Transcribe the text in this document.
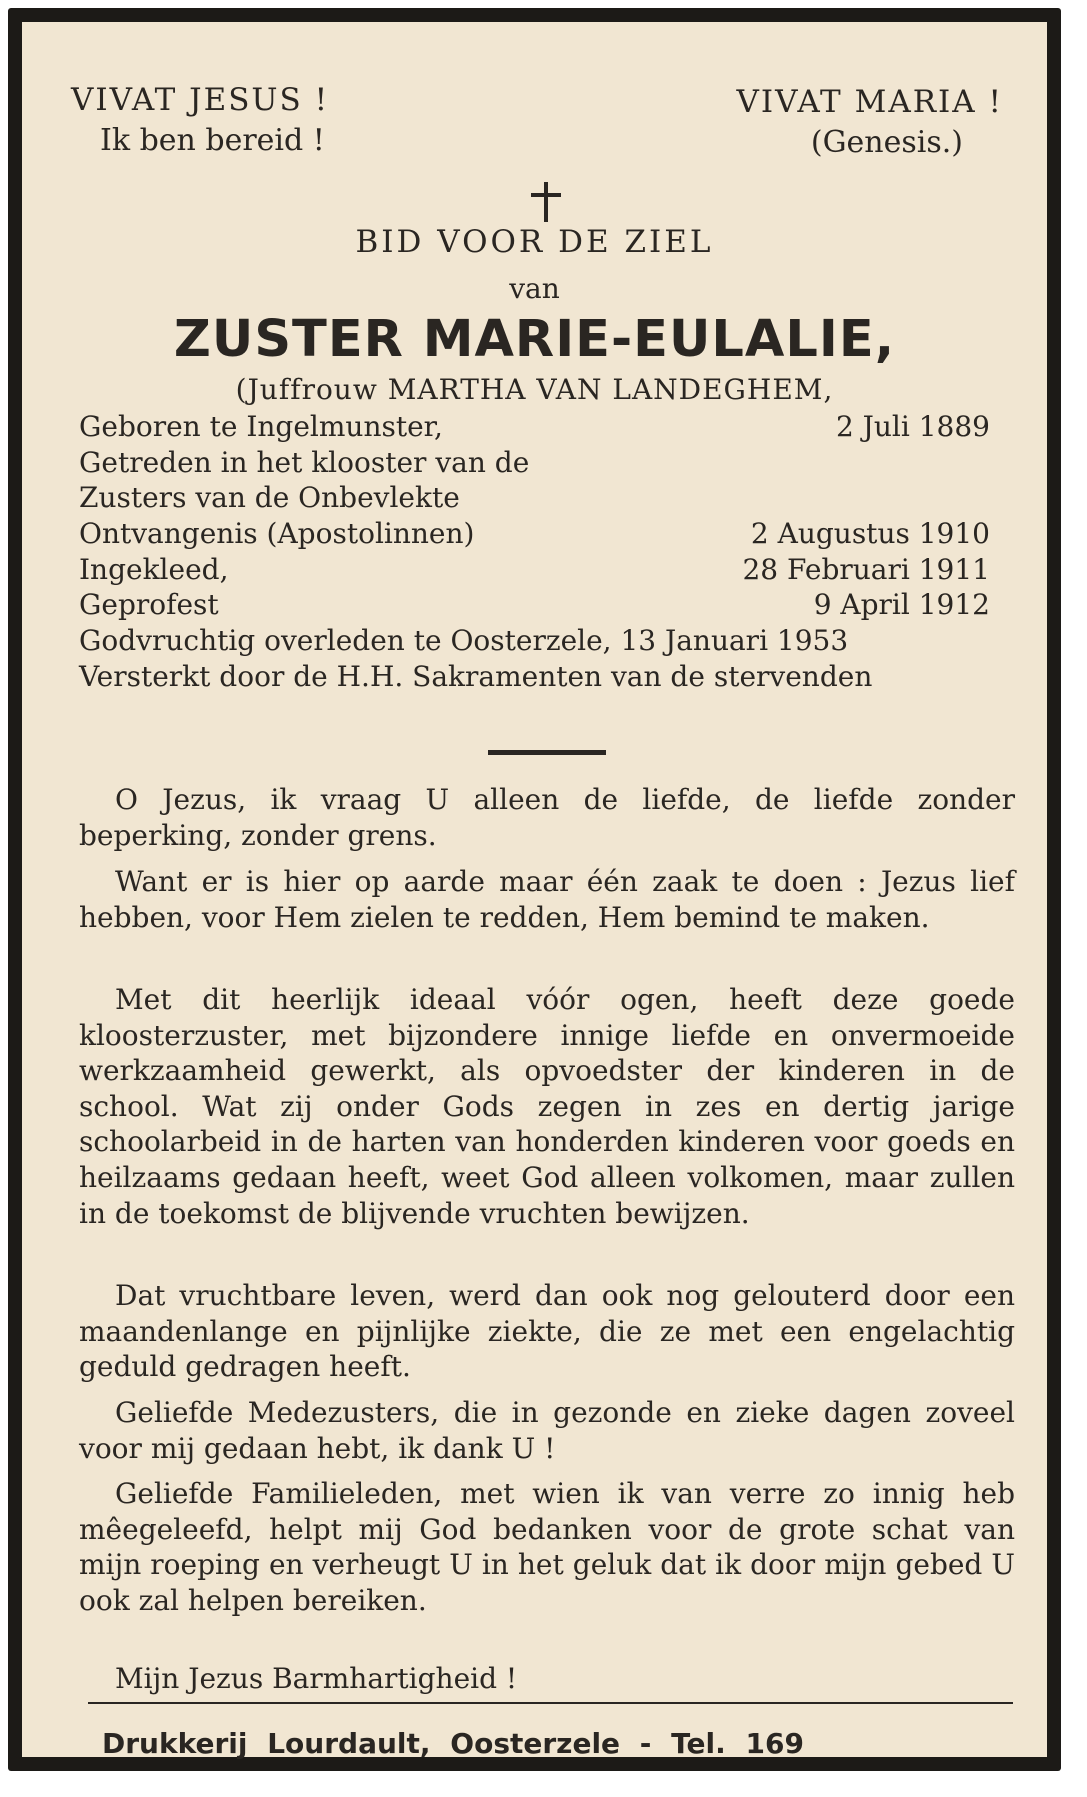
VIVAT JESUS !
Ik ben bereid !
VIVAT MARIA !
(Genesis.)
BID VOOR DE ZIEL
van
ZUSTER MARIE-EULALIE,
(Juffrouw MARTHA VAN LANDEGHEM,
Geboren te Ingelmunster,	2 Juli 1889
Getreden in het klooster van de
Zusters van de Onbevlekte
Ontvangenis (Apostolinnen)	2 Augustus 1910
Ingekleed,	28 Februari 1911
Geprofest	9 April 1912
Godvruchtig overleden te Oosterzele, 13 Januari 1953
Versterkt door de H.H. Sakramenten van de stervenden
O Jezus, ik vraag U alleen de liefde, de liefde zonder beperking, zonder grens.
Want er is hier op aarde maar één zaak te doen : Jezus lief hebben, voor Hem zielen te redden, Hem bemind te maken.
Met dit heerlijk ideaal vóór ogen, heeft deze goede kloosterzuster, met bijzondere innige liefde en onvermoeide werkzaamheid gewerkt, als opvoedster der kinderen in de school. Wat zij onder Gods zegen in zes en dertig jarige schoolarbeid in de harten van honderden kinderen voor goeds en heilzaams gedaan heeft, weet God alleen volkomen, maar zullen in de toekomst de blijvende vruchten bewijzen.
Dat vruchtbare leven, werd dan ook nog gelouterd door een maandenlange en pijnlijke ziekte, die ze met een engelachtig geduld gedragen heeft.
Geliefde Medezusters, die in gezonde en zieke dagen zoveel voor mij gedaan hebt, ik dank U !
Geliefde Familieleden, met wien ik van verre zo innig heb mêegeleefd, helpt mij God bedanken voor de grote schat van mijn roeping en verheugt U in het geluk dat ik door mijn gebed U ook zal helpen bereiken.
Mijn Jezus Barmhartigheid !
Drukkerij Lourdault, Oosterzele - Tel. 169
